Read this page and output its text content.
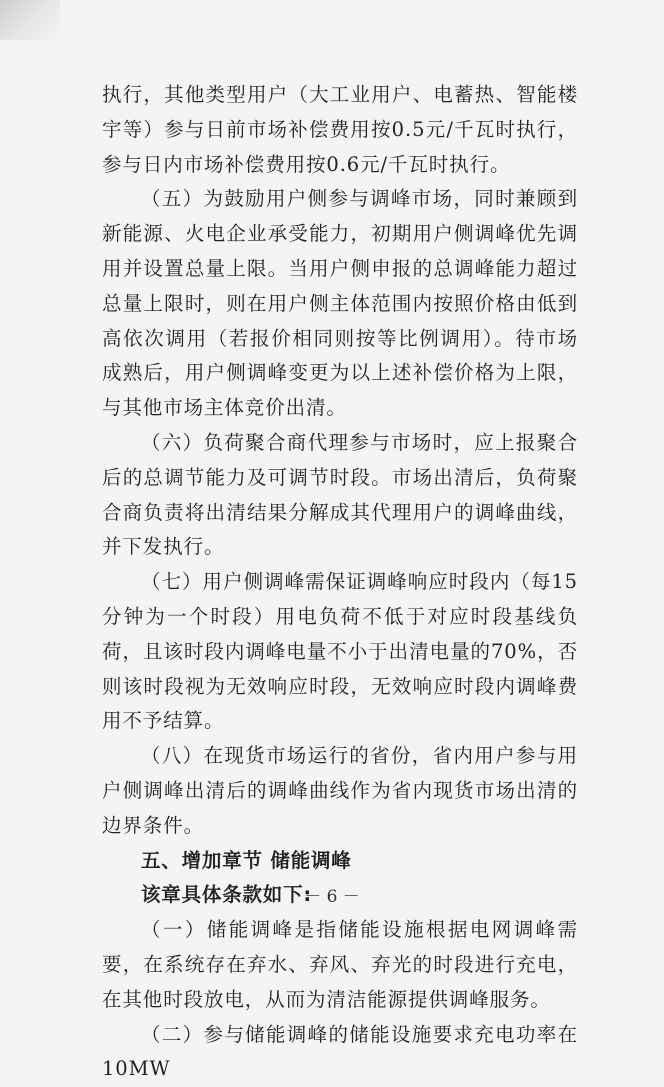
执行，其他类型用户（大工业用户、电蓄热、智能楼宇等）参与日前市场补偿费用按0.5元/千瓦时执行，参与日内市场补偿费用按0.6元/千瓦时执行。

（五）为鼓励用户侧参与调峰市场，同时兼顾到新能源、火电企业承受能力，初期用户侧调峰优先调用并设置总量上限。当用户侧申报的总调峰能力超过总量上限时，则在用户侧主体范围内按照价格由低到高依次调用（若报价相同则按等比例调用）。待市场成熟后，用户侧调峰变更为以上述补偿价格为上限，与其他市场主体竞价出清。

（六）负荷聚合商代理参与市场时，应上报聚合后的总调节能力及可调节时段。市场出清后，负荷聚合商负责将出清结果分解成其代理用户的调峰曲线，并下发执行。

（七）用户侧调峰需保证调峰响应时段内（每15分钟为一个时段）用电负荷不低于对应时段基线负荷，且该时段内调峰电量不小于出清电量的70%，否则该时段视为无效响应时段，无效响应时段内调峰费用不予结算。

（八）在现货市场运行的省份，省内用户参与用户侧调峰出清后的调峰曲线作为省内现货市场出清的边界条件。

五、增加章节 储能调峰

该章具体条款如下:

（一）储能调峰是指储能设施根据电网调峰需要，在系统存在弃水、弃风、弃光的时段进行充电，在其他时段放电，从而为清洁能源提供调峰服务。

（二）参与储能调峰的储能设施要求充电功率在10MW

－ 6 －
